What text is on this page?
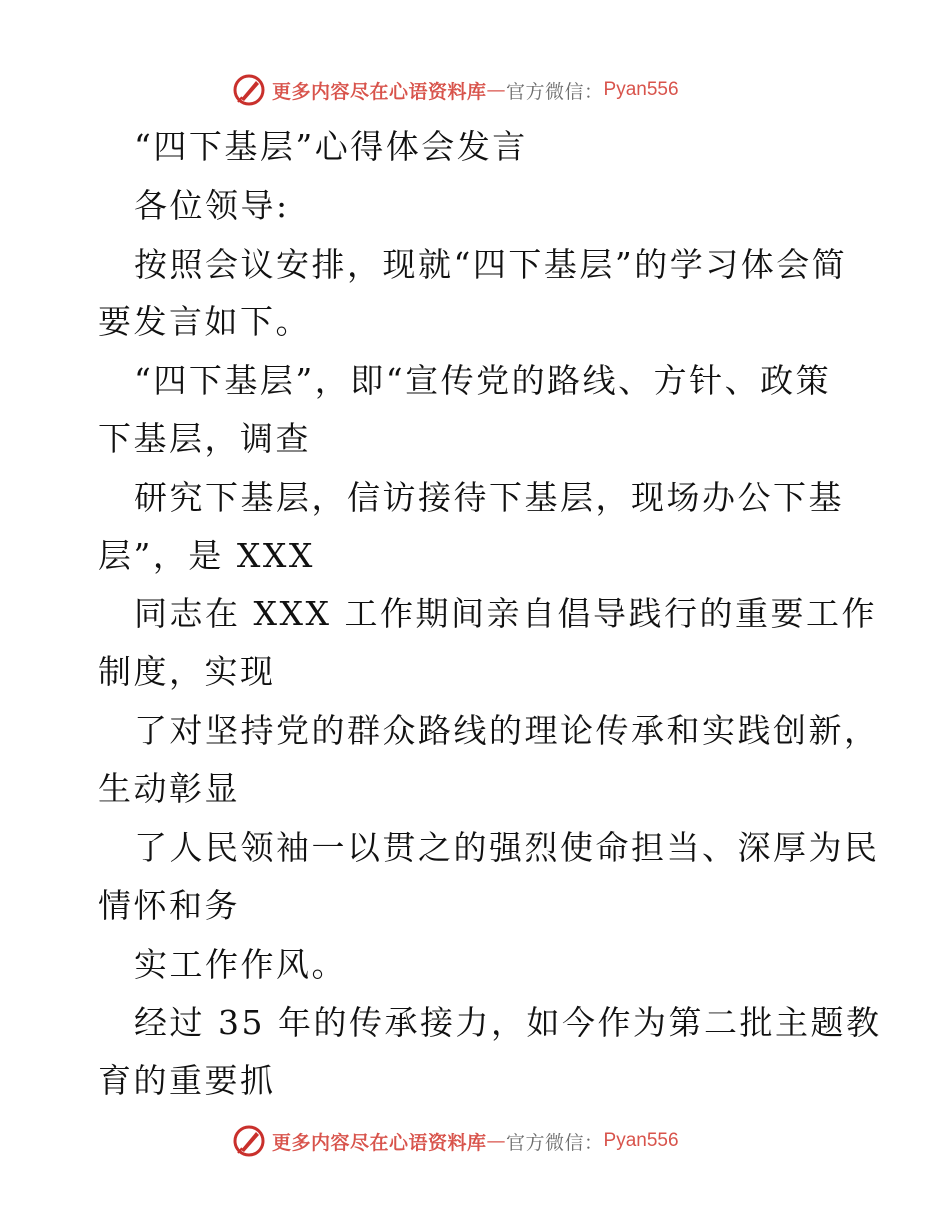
更多内容尽在心语资料库 — 官方微信： Pyan556
“四下基层”心得体会发言
各位领导:
按照会议安排，现就“四下基层”的学习体会简
要发言如下。
“四下基层”，即“宣传党的路线、方针、政策
下基层，调查
研究下基层，信访接待下基层，现场办公下基
层”，是 XXX
同志在 XXX 工作期间亲自倡导践行的重要工作
制度，实现
了对坚持党的群众路线的理论传承和实践创新，
生动彰显
了人民领袖一以贯之的强烈使命担当、深厚为民
情怀和务
实工作作风。
经过 35 年的传承接力，如今作为第二批主题教
育的重要抓
更多内容尽在心语资料库 — 官方微信： Pyan556
